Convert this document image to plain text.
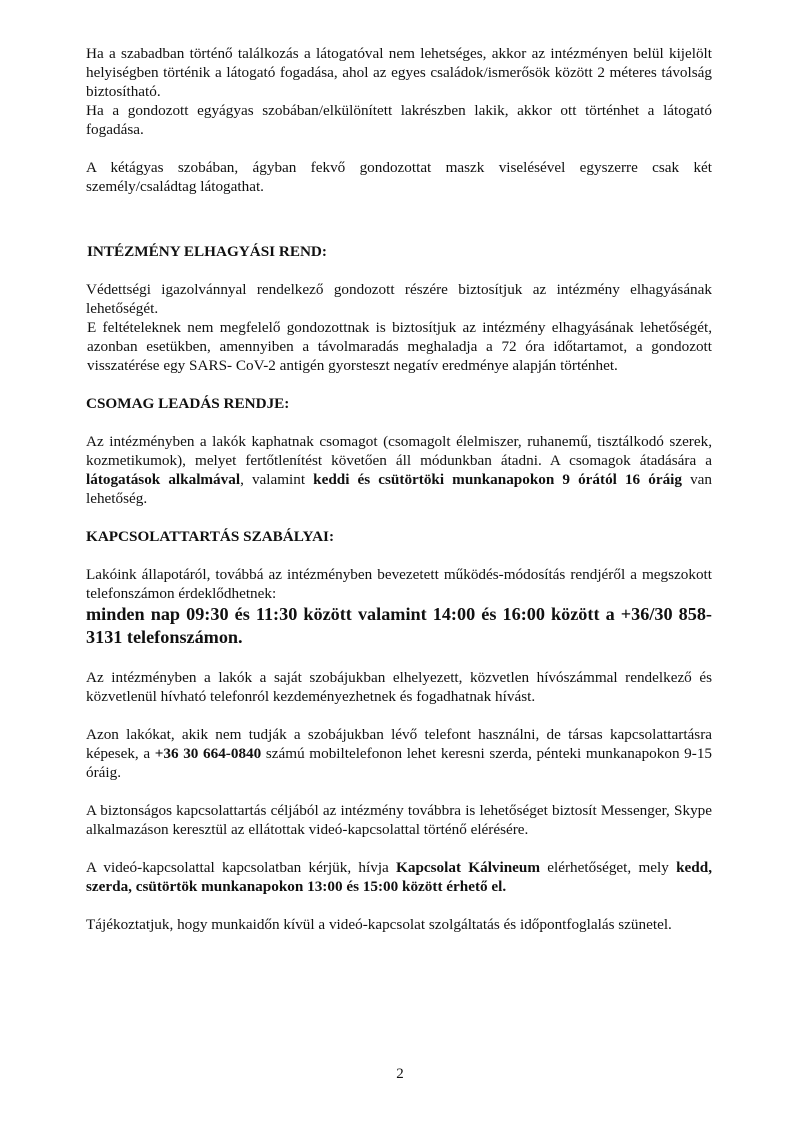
Ha a szabadban történő találkozás a látogatóval nem lehetséges, akkor az intézményen belül kijelölt helyiségben történik a látogató fogadása, ahol az egyes családok/ismerősök között 2 méteres távolság biztosítható.

Ha a gondozott egyágyas szobában/elkülönített lakrészben lakik, akkor ott történhet a látogató fogadása.

A kétágyas szobában, ágyban fekvő gondozottat maszk viselésével egyszerre csak két személy/családtag látogathat.

INTÉZMÉNY ELHAGYÁSI REND:

Védettségi igazolvánnyal rendelkező gondozott részére biztosítjuk az intézmény elhagyásának lehetőségét.

E feltételeknek nem megfelelő gondozottnak is biztosítjuk az intézmény elhagyásának lehetőségét, azonban esetükben, amennyiben a távolmaradás meghaladja a 72 óra időtartamot, a gondozott visszatérése egy SARS- CoV-2 antigén gyorsteszt negatív eredménye alapján történhet.

CSOMAG LEADÁS RENDJE:

Az intézményben a lakók kaphatnak csomagot (csomagolt élelmiszer, ruhanemű, tisztálkodó szerek, kozmetikumok), melyet fertőtlenítést követően áll módunkban átadni. A csomagok átadására a látogatások alkalmával, valamint keddi és csütörtöki munkanapokon 9 órától 16 óráig van lehetőség.

KAPCSOLATTARTÁS SZABÁLYAI:

Lakóink állapotáról, továbbá az intézményben bevezetett működés-módosítás rendjéről a megszokott telefonszámon érdeklődhetnek:

minden nap 09:30 és 11:30 között valamint 14:00 és 16:00 között a +36/30 858-3131 telefonszámon.

Az intézményben a lakók a saját szobájukban elhelyezett, közvetlen hívószámmal rendelkező és közvetlenül hívható telefonról kezdeményezhetnek és fogadhatnak hívást.

Azon lakókat, akik nem tudják a szobájukban lévő telefont használni, de társas kapcsolattartásra képesek, a +36 30 664-0840 számú mobiltelefonon lehet keresni szerda, pénteki munkanapokon 9-15 óráig.

A biztonságos kapcsolattartás céljából az intézmény továbbra is lehetőséget biztosít Messenger, Skype alkalmazáson keresztül az ellátottak videó-kapcsolattal történő elérésére.

A videó-kapcsolattal kapcsolatban kérjük, hívja Kapcsolat Kálvineum elérhetőséget, mely kedd, szerda, csütörtök munkanapokon 13:00 és 15:00 között érhető el.

Tájékoztatjuk, hogy munkaidőn kívül a videó-kapcsolat szolgáltatás és időpontfoglalás szünetel.

2
